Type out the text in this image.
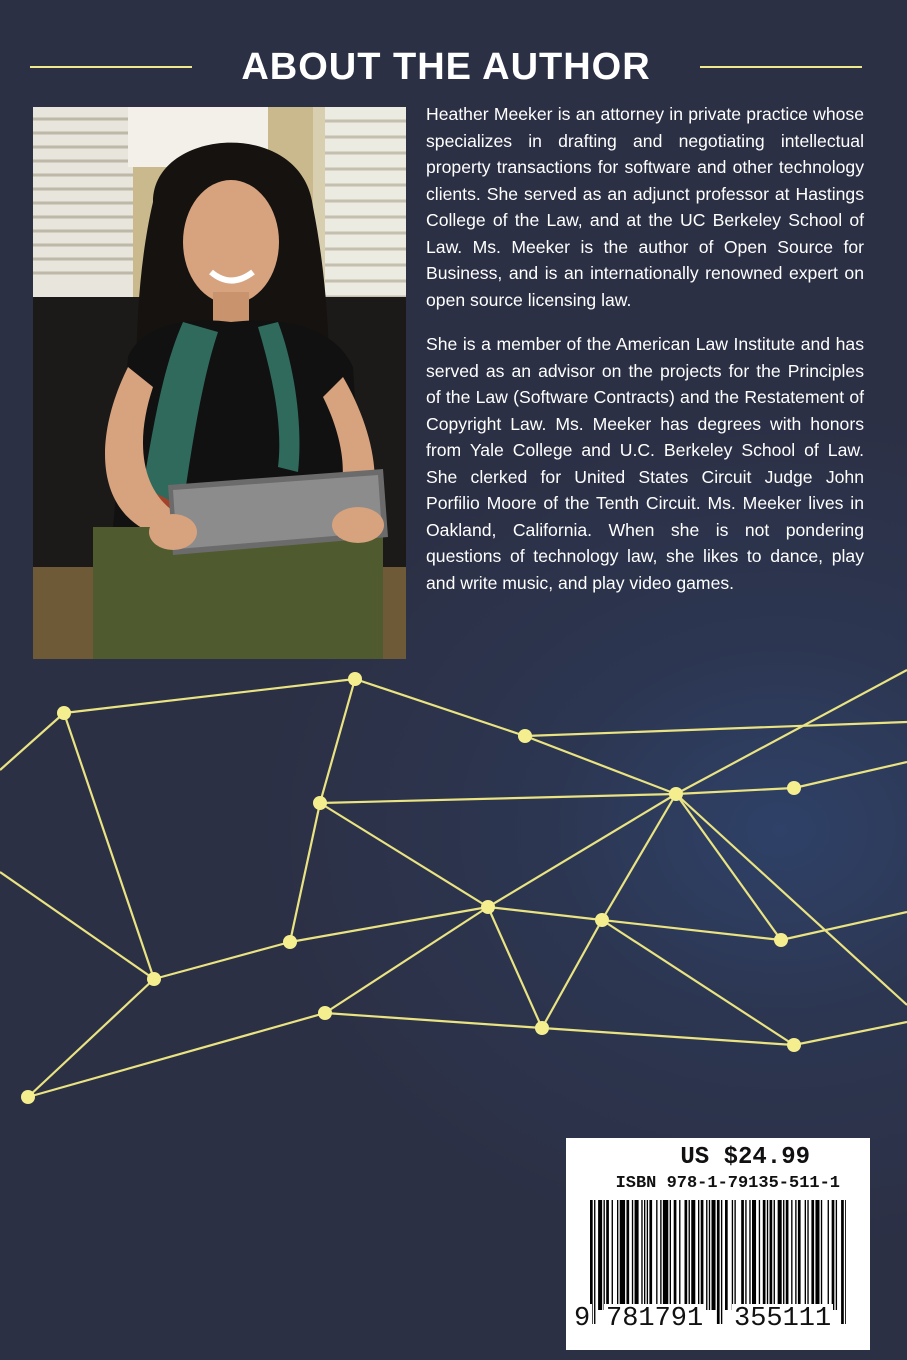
ABOUT THE AUTHOR

Heather Meeker is an attorney in private practice whose specializes in drafting and negotiating intellectual property transactions for software and other technology clients. She served as an adjunct professor at Hastings College of the Law, and at the UC Berkeley School of Law. Ms. Meeker is the author of Open Source for Business, and is an internationally renowned expert on open source licensing law.

She is a member of the American Law Institute and has served as an advisor on the projects for the Principles of the Law (Software Contracts) and the Restatement of Copyright Law. Ms. Meeker has degrees with honors from Yale College and U.C. Berkeley School of Law. She clerked for United States Circuit Judge John Porfilio Moore of the Tenth Circuit. Ms. Meeker lives in Oakland, California. When she is not pondering questions of technology law, she likes to dance, play and write music, and play video games.

US $24.99
ISBN 978-1-79135-511-1
9 781791 355111
